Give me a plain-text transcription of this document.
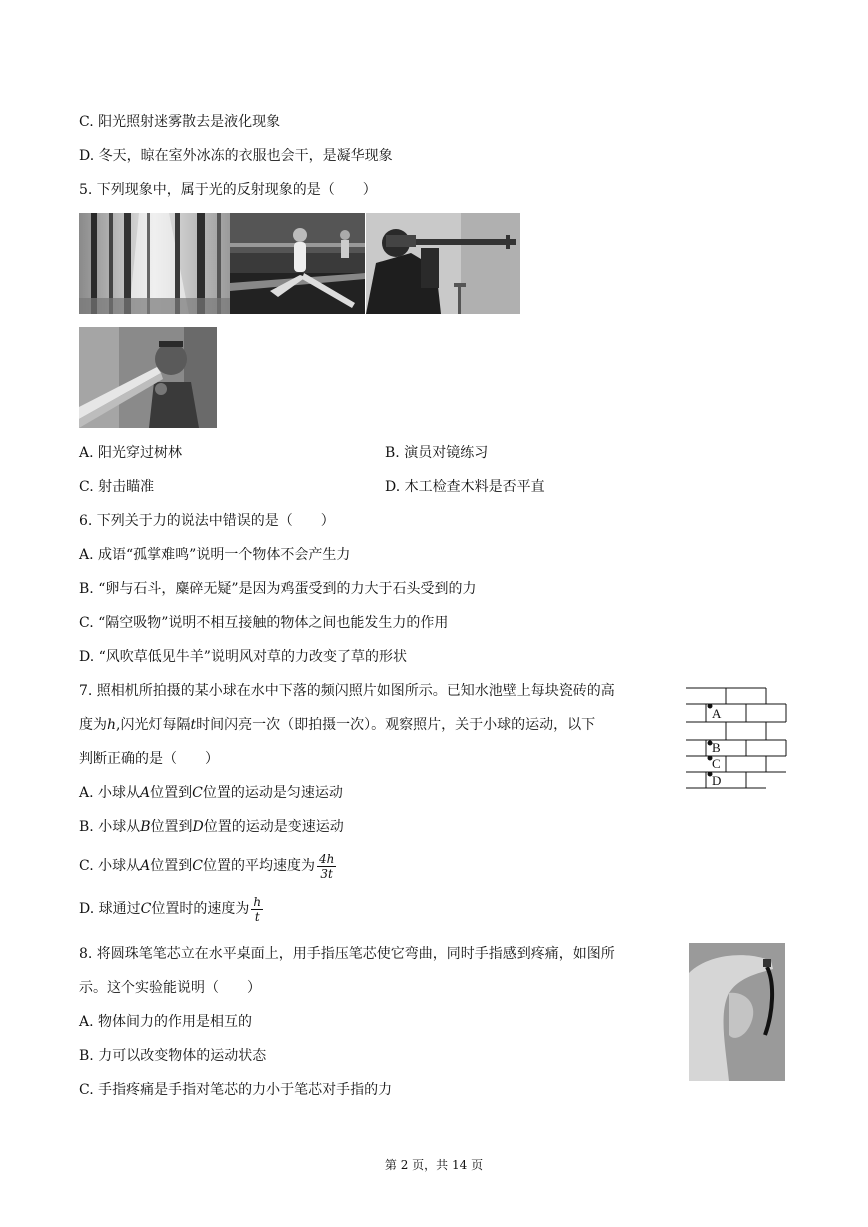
C. 阳光照射迷雾散去是液化现象
D. 冬天，晾在室外冰冻的衣服也会干，是凝华现象
5. 下列现象中，属于光的反射现象的是（　　）
A. 阳光穿过树林	B. 演员对镜练习
C. 射击瞄准	D. 木工检查木料是否平直
6. 下列关于力的说法中错误的是（　　）
A. 成语“孤掌难鸣”说明一个物体不会产生力
B. “卵与石斗，麋碎无疑”是因为鸡蛋受到的力大于石头受到的力
C. “隔空吸物”说明不相互接触的物体之间也能发生力的作用
D. “风吹草低见牛羊”说明风对草的力改变了草的形状
7. 照相机所拍摄的某小球在水中下落的频闪照片如图所示。已知水池壁上每块瓷砖的高
度为h,闪光灯每隔t时间闪亮一次（即拍摄一次）。观察照片，关于小球的运动，以下
判断正确的是（　　）
A. 小球从A位置到C位置的运动是匀速运动
B. 小球从B位置到D位置的运动是变速运动
C. 小球从A位置到C位置的平均速度为 $\frac{4h}{3t}$
D. 球通过C位置时的速度为 $\frac{h}{t}$
A
B
C
D
8. 将圆珠笔笔芯立在水平桌面上，用手指压笔芯使它弯曲，同时手指感到疼痛，如图所
示。这个实验能说明（　　）
A. 物体间力的作用是相互的
B. 力可以改变物体的运动状态
C. 手指疼痛是手指对笔芯的力小于笔芯对手指的力
第 2 页，共 14 页
